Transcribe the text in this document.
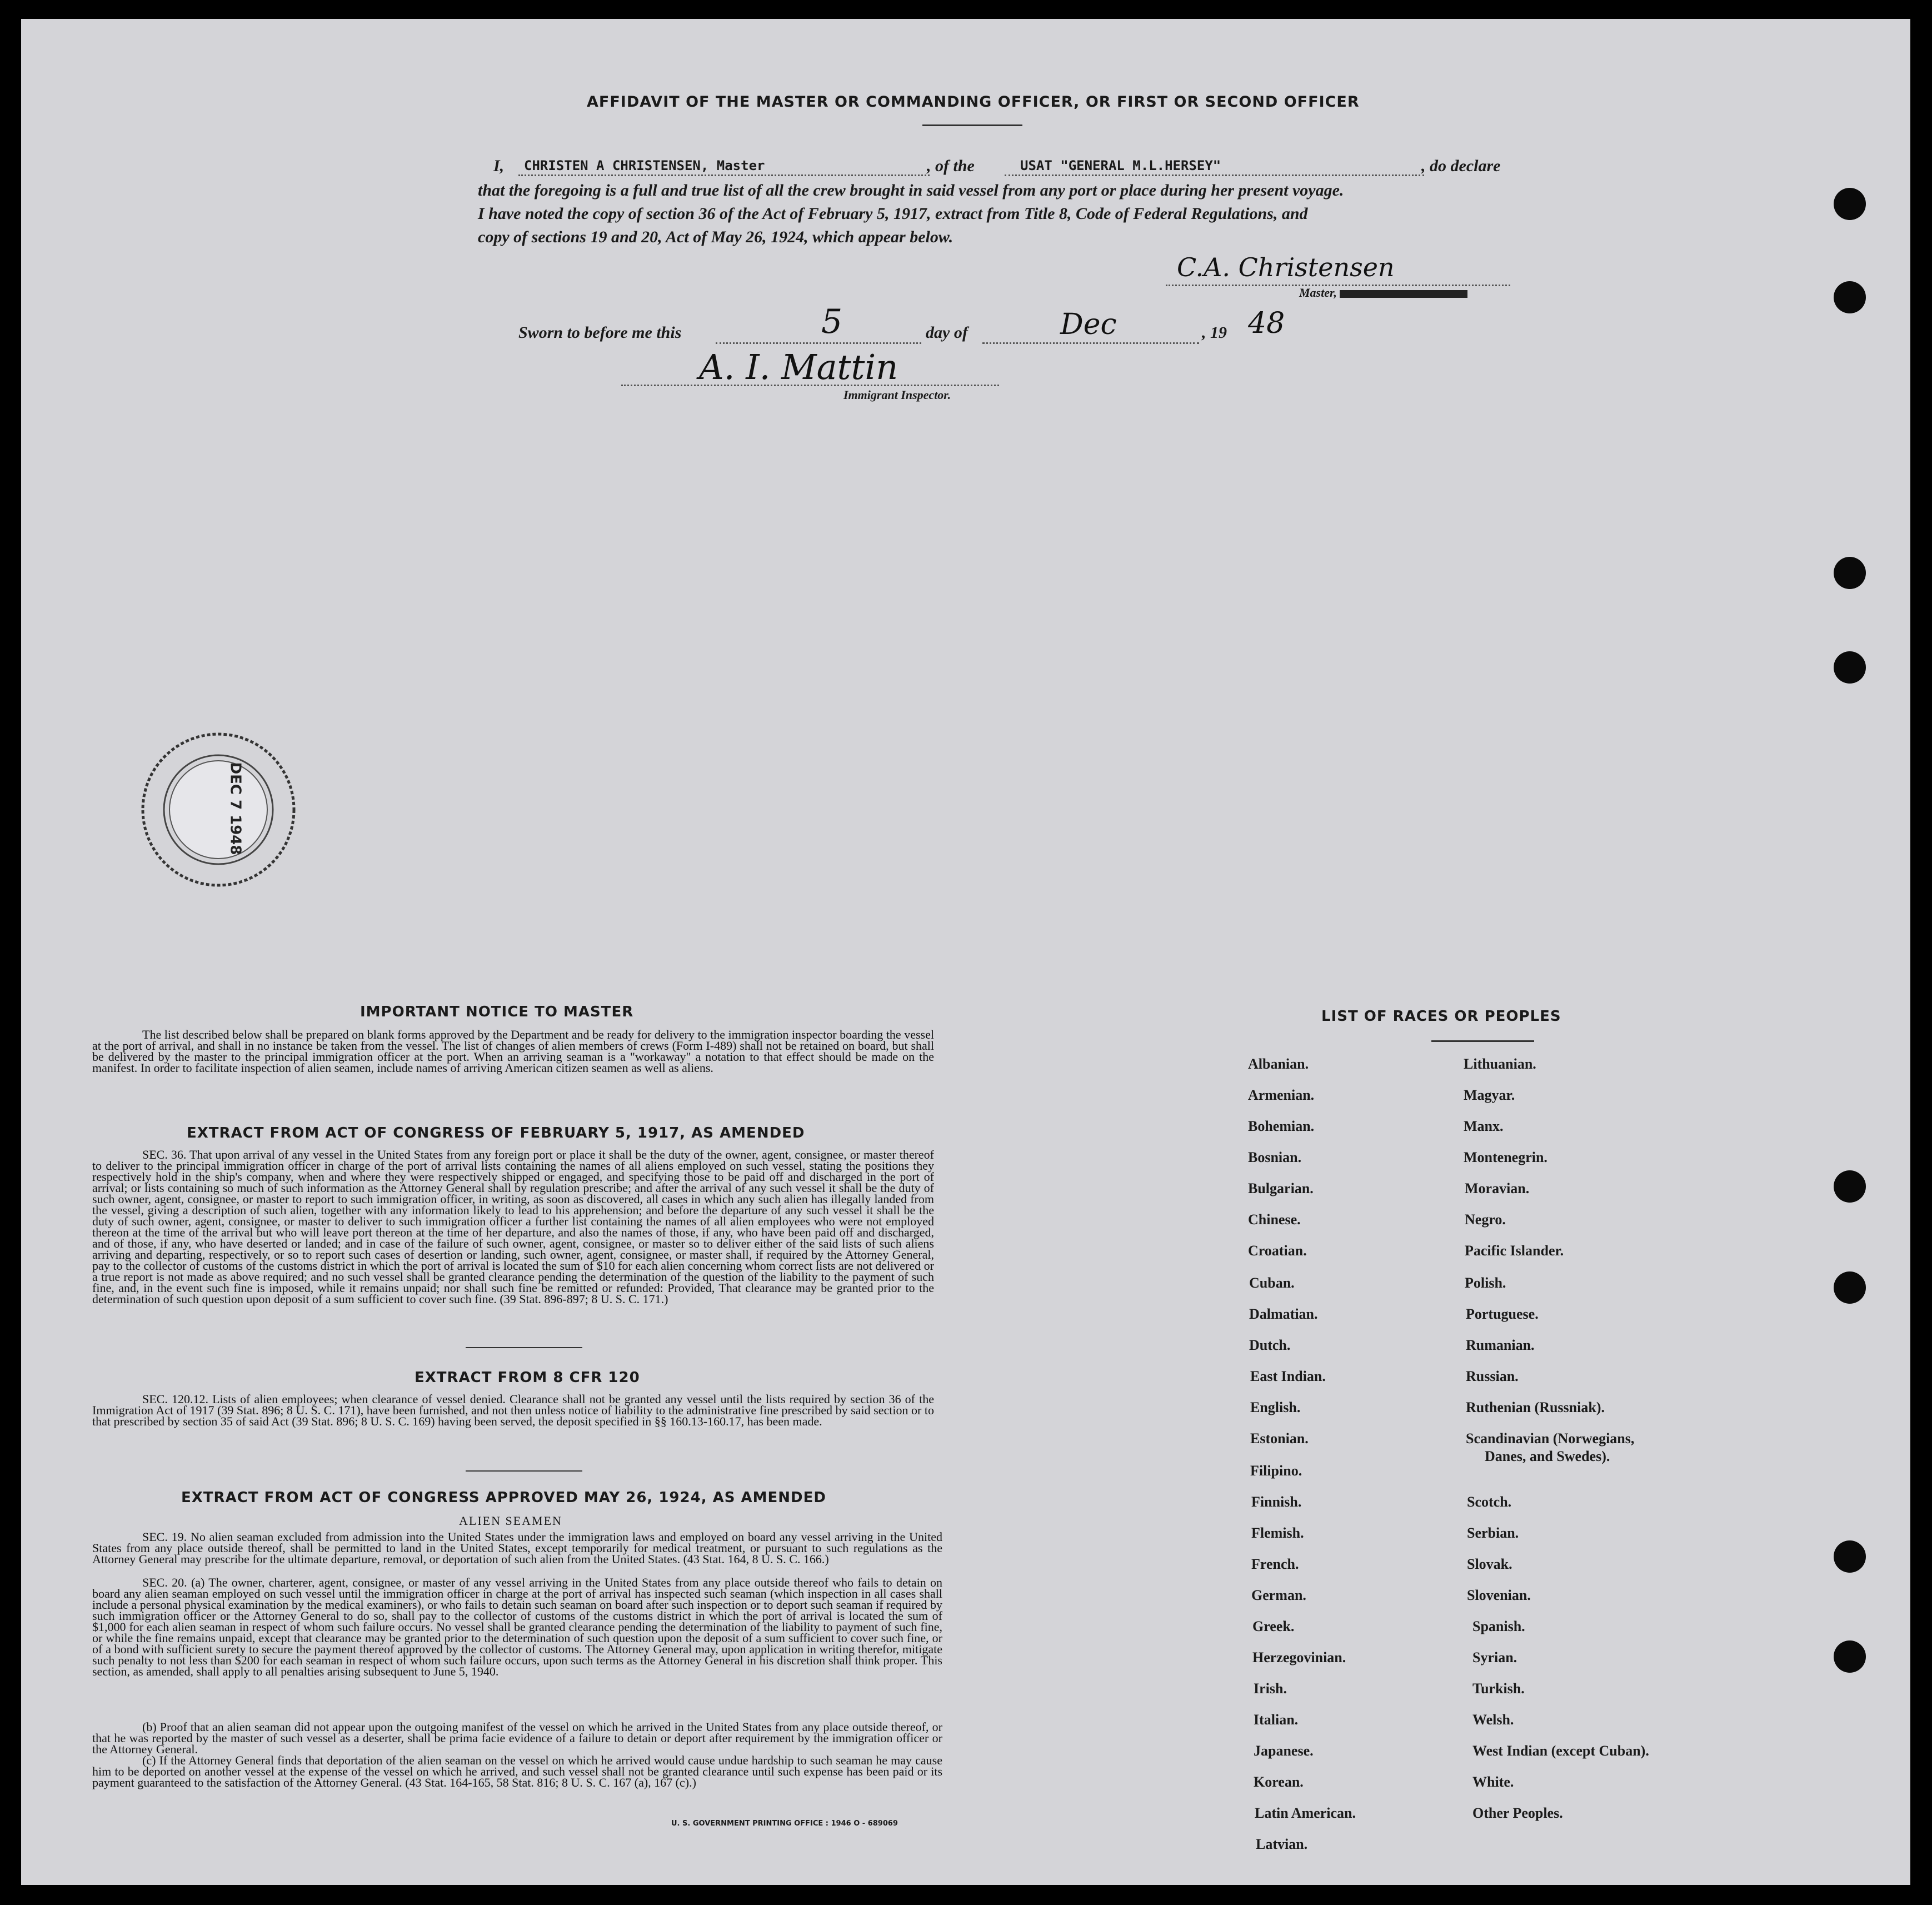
AFFIDAVIT OF THE MASTER OR COMMANDING OFFICER, OR FIRST OR SECOND OFFICER
I, CHRISTEN A CHRISTENSEN, Master	, of the	USAT "GENERAL M.L.HERSEY"	, do declare
that the foregoing is a full and true list of all the crew brought in said vessel from any port or place during her present voyage.
I have noted the copy of section 36 of the Act of February 5, 1917, extract from Title 8, Code of Federal Regulations, and
copy of sections 19 and 20, Act of May 26, 1924, which appear below.
C.A. Christensen
Master,
Sworn to before me this	5	day of	Dec	, 19 48
A. I. Mattin
Immigrant Inspector.
DEC 7 1948
IMPORTANT NOTICE TO MASTER
The list described below shall be prepared on blank forms approved by the Department and be ready for delivery to the immigration inspector boarding the vessel at the port of arrival, and shall in no instance be taken from the vessel. The list of changes of alien members of crews (Form I-489) shall not be retained on board, but shall be delivered by the master to the principal immigration officer at the port. When an arriving seaman is a "workaway" a notation to that effect should be made on the manifest. In order to facilitate inspection of alien seamen, include names of arriving American citizen seamen as well as aliens.
EXTRACT FROM ACT OF CONGRESS OF FEBRUARY 5, 1917, AS AMENDED
SEC. 36. That upon arrival of any vessel in the United States from any foreign port or place it shall be the duty of the owner, agent, consignee, or master thereof to deliver to the principal immigration officer in charge of the port of arrival lists containing the names of all aliens employed on such vessel, stating the positions they respectively hold in the ship's company, when and where they were respectively shipped or engaged, and specifying those to be paid off and discharged in the port of arrival; or lists containing so much of such information as the Attorney General shall by regulation prescribe; and after the arrival of any such vessel it shall be the duty of such owner, agent, consignee, or master to report to such immigration officer, in writing, as soon as discovered, all cases in which any such alien has illegally landed from the vessel, giving a description of such alien, together with any information likely to lead to his apprehension; and before the departure of any such vessel it shall be the duty of such owner, agent, consignee, or master to deliver to such immigration officer a further list containing the names of all alien employees who were not employed thereon at the time of the arrival but who will leave port thereon at the time of her departure, and also the names of those, if any, who have been paid off and discharged, and of those, if any, who have deserted or landed; and in case of the failure of such owner, agent, consignee, or master so to deliver either of the said lists of such aliens arriving and departing, respectively, or so to report such cases of desertion or landing, such owner, agent, consignee, or master shall, if required by the Attorney General, pay to the collector of customs of the customs district in which the port of arrival is located the sum of $10 for each alien concerning whom correct lists are not delivered or a true report is not made as above required; and no such vessel shall be granted clearance pending the determination of the question of the liability to the payment of such fine, and, in the event such fine is imposed, while it remains unpaid; nor shall such fine be remitted or refunded: Provided, That clearance may be granted prior to the determination of such question upon deposit of a sum sufficient to cover such fine. (39 Stat. 896-897; 8 U. S. C. 171.)
EXTRACT FROM 8 CFR 120
SEC. 120.12. Lists of alien employees; when clearance of vessel denied. Clearance shall not be granted any vessel until the lists required by section 36 of the Immigration Act of 1917 (39 Stat. 896; 8 U. S. C. 171), have been furnished, and not then unless notice of liability to the administrative fine prescribed by said section or to that prescribed by section 35 of said Act (39 Stat. 896; 8 U. S. C. 169) having been served, the deposit specified in §§ 160.13-160.17, has been made.
EXTRACT FROM ACT OF CONGRESS APPROVED MAY 26, 1924, AS AMENDED
ALIEN SEAMEN
SEC. 19. No alien seaman excluded from admission into the United States under the immigration laws and employed on board any vessel arriving in the United States from any place outside thereof, shall be permitted to land in the United States, except temporarily for medical treatment, or pursuant to such regulations as the Attorney General may prescribe for the ultimate departure, removal, or deportation of such alien from the United States. (43 Stat. 164, 8 U. S. C. 166.)
SEC. 20. (a) The owner, charterer, agent, consignee, or master of any vessel arriving in the United States from any place outside thereof who fails to detain on board any alien seaman employed on such vessel until the immigration officer in charge at the port of arrival has inspected such seaman (which inspection in all cases shall include a personal physical examination by the medical examiners), or who fails to detain such seaman on board after such inspection or to deport such seaman if required by such immigration officer or the Attorney General to do so, shall pay to the collector of customs of the customs district in which the port of arrival is located the sum of $1,000 for each alien seaman in respect of whom such failure occurs. No vessel shall be granted clearance pending the determination of the liability to payment of such fine, or while the fine remains unpaid, except that clearance may be granted prior to the determination of such question upon the deposit of a sum sufficient to cover such fine, or of a bond with sufficient surety to secure the payment thereof approved by the collector of customs. The Attorney General may, upon application in writing therefor, mitigate such penalty to not less than $200 for each seaman in respect of whom such failure occurs, upon such terms as the Attorney General in his discretion shall think proper. This section, as amended, shall apply to all penalties arising subsequent to June 5, 1940.
(b) Proof that an alien seaman did not appear upon the outgoing manifest of the vessel on which he arrived in the United States from any place outside thereof, or that he was reported by the master of such vessel as a deserter, shall be prima facie evidence of a failure to detain or deport after requirement by the immigration officer or the Attorney General.
(c) If the Attorney General finds that deportation of the alien seaman on the vessel on which he arrived would cause undue hardship to such seaman he may cause him to be deported on another vessel at the expense of the vessel on which he arrived, and such vessel shall not be granted clearance until such expense has been paid or its payment guaranteed to the satisfaction of the Attorney General. (43 Stat. 164-165, 58 Stat. 816; 8 U. S. C. 167 (a), 167 (c).)
U. S. GOVERNMENT PRINTING OFFICE : 1946 O - 689069
LIST OF RACES OR PEOPLES
Albanian.
Armenian.
Bohemian.
Bosnian.
Bulgarian.
Chinese.
Croatian.
Cuban.
Dalmatian.
Dutch.
East Indian.
English.
Estonian.
Filipino.
Finnish.
Flemish.
French.
German.
Greek.
Herzegovinian.
Irish.
Italian.
Japanese.
Korean.
Latin American.
Latvian.
Lithuanian.
Magyar.
Manx.
Montenegrin.
Moravian.
Negro.
Pacific Islander.
Polish.
Portuguese.
Rumanian.
Russian.
Ruthenian (Russniak).
Scandinavian (Norwegians,
Danes, and Swedes).
Scotch.
Serbian.
Slovak.
Slovenian.
Spanish.
Syrian.
Turkish.
Welsh.
West Indian (except Cuban).
White.
Other Peoples.
